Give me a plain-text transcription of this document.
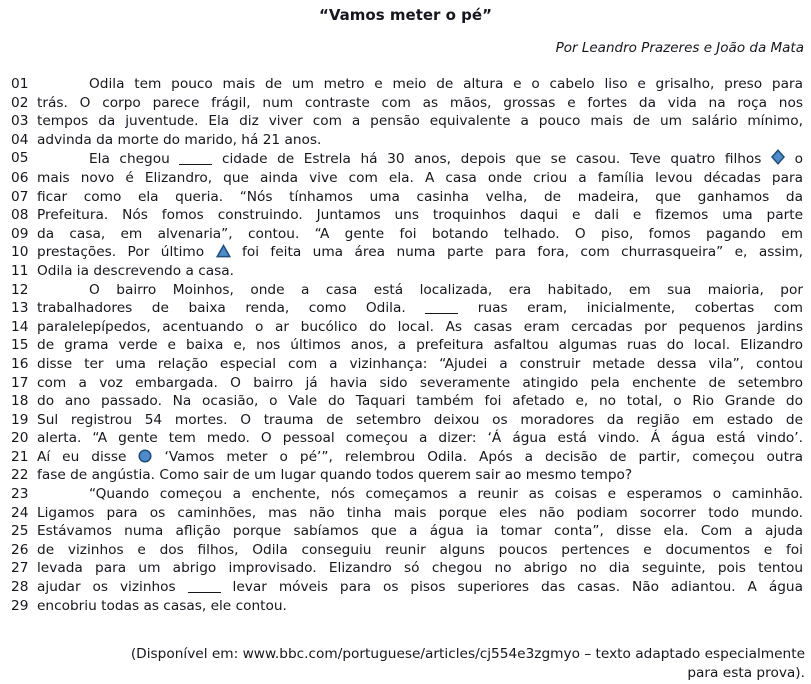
“Vamos meter o pé”
Por Leandro Prazeres e João da Mata
01	Odila tem pouco mais de um metro e meio de altura e o cabelo liso e grisalho, preso para
02 trás. O corpo parece frágil, num contraste com as mãos, grossas e fortes da vida na roça nos
03 tempos da juventude. Ela diz viver com a pensão equivalente a pouco mais de um salário mínimo,
04 advinda da morte do marido, há 21 anos.
05	Ela chegou  cidade de Estrela há 30 anos, depois que se casou. Teve quatro filhos
o
06 mais novo é Elizandro, que ainda vive com ela. A casa onde criou a família levou décadas para
07 ficar como ela queria. “Nós tínhamos uma casinha velha, de madeira, que ganhamos da
08 Prefeitura. Nós fomos construindo. Juntamos uns troquinhos daqui e dali e fizemos uma parte
09 da casa, em alvenaria”, contou. “A gente foi botando telhado. O piso, fomos pagando em
10 prestações. Por último
foi feita uma área numa parte para fora, com churrasqueira” e, assim,
11 Odila ia descrevendo a casa.
12	O bairro Moinhos, onde a casa está localizada, era habitado, em sua maioria, por
13 trabalhadores de baixa renda, como Odila.  ruas eram, inicialmente, cobertas com
14 paralelepípedos, acentuando o ar bucólico do local. As casas eram cercadas por pequenos jardins
15 de grama verde e baixa e, nos últimos anos, a prefeitura asfaltou algumas ruas do local. Elizandro
16 disse ter uma relação especial com a vizinhança: “Ajudei a construir metade dessa vila”, contou
17 com a voz embargada. O bairro já havia sido severamente atingido pela enchente de setembro
18 do ano passado. Na ocasião, o Vale do Taquari também foi afetado e, no total, o Rio Grande do
19 Sul registrou 54 mortes. O trauma de setembro deixou os moradores da região em estado de
20 alerta. “A gente tem medo. O pessoal começou a dizer: ‘Á água está vindo. Á água está vindo’.
21 Aí eu disse
‘Vamos meter o pé’”, relembrou Odila. Após a decisão de partir, começou outra
22 fase de angústia. Como sair de um lugar quando todos querem sair ao mesmo tempo?
23	“Quando começou a enchente, nós começamos a reunir as coisas e esperamos o caminhão.
24 Ligamos para os caminhões, mas não tinha mais porque eles não podiam socorrer todo mundo.
25 Estávamos numa aflição porque sabíamos que a água ia tomar conta”, disse ela. Com a ajuda
26 de vizinhos e dos filhos, Odila conseguiu reunir alguns poucos pertences e documentos e foi
27 levada para um abrigo improvisado. Elizandro só chegou no abrigo no dia seguinte, pois tentou
28 ajudar os vizinhos  levar móveis para os pisos superiores das casas. Não adiantou. A água
29 encobriu todas as casas, ele contou.
(Disponível em: www.bbc.com/portuguese/articles/cj554e3zgmyo – texto adaptado especialmente
para esta prova).
